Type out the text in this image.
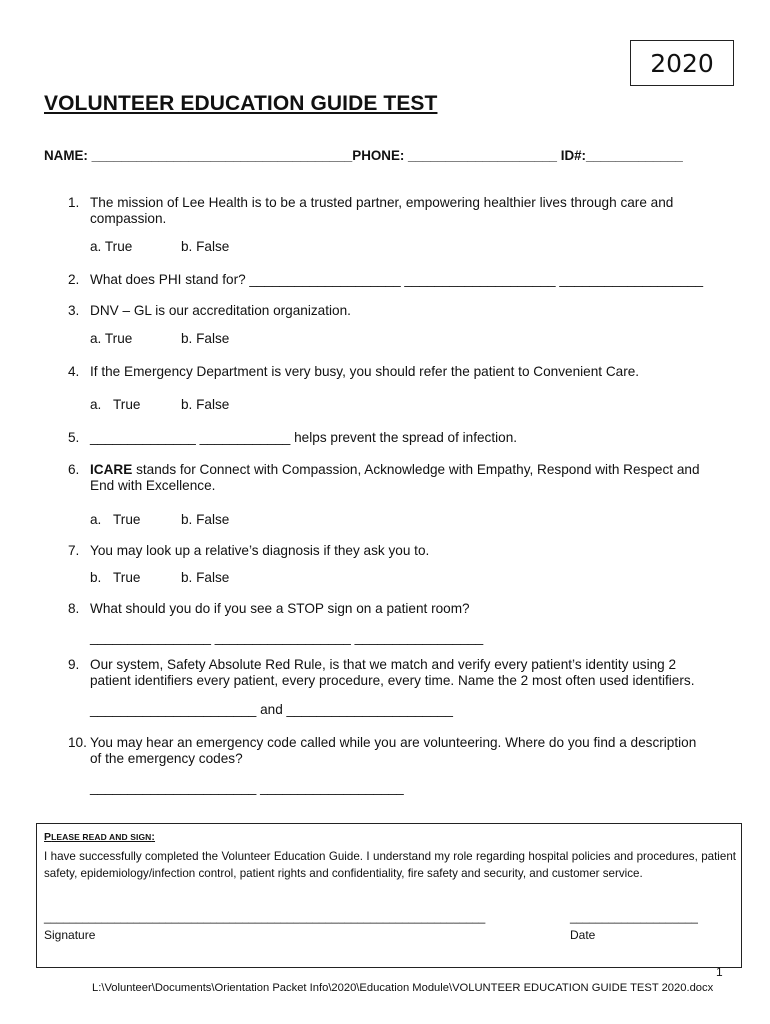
2020
VOLUNTEER EDUCATION GUIDE TEST
NAME: ___________________________________PHONE: ____________________ ID#:_____________
1. The mission of Lee Health is to be a trusted partner, empowering healthier lives through care and
compassion.
a. True	b. False
2. What does PHI stand for? ____________________ ____________________ ___________________
3. DNV – GL is our accreditation organization.
a. True	b. False
4. If the Emergency Department is very busy, you should refer the patient to Convenient Care.
a. True	b. False
5. ______________ ____________ helps prevent the spread of infection.
6. ICARE stands for Connect with Compassion, Acknowledge with Empathy, Respond with Respect and
End with Excellence.
a. True	b. False
7. You may look up a relative’s diagnosis if they ask you to.
b. True	b. False
8. What should you do if you see a STOP sign on a patient room?
________________ __________________ _________________
9. Our system, Safety Absolute Red Rule, is that we match and verify every patient’s identity using 2
patient identifiers every patient, every procedure, every time. Name the 2 most often used identifiers.
______________________ and ______________________
10. You may hear an emergency code called while you are volunteering. Where do you find a description
of the emergency codes?
______________________ ___________________
PLEASE READ AND SIGN:
I have successfully completed the Volunteer Education Guide. I understand my role regarding hospital policies and procedures, patient safety, epidemiology/infection control, patient rights and confidentiality, fire safety and security, and customer service.
_____________________________________________________________________	____________________
Signature	Date
1
L:\Volunteer\Documents\Orientation Packet Info\2020\Education Module\VOLUNTEER EDUCATION GUIDE TEST 2020.docx
